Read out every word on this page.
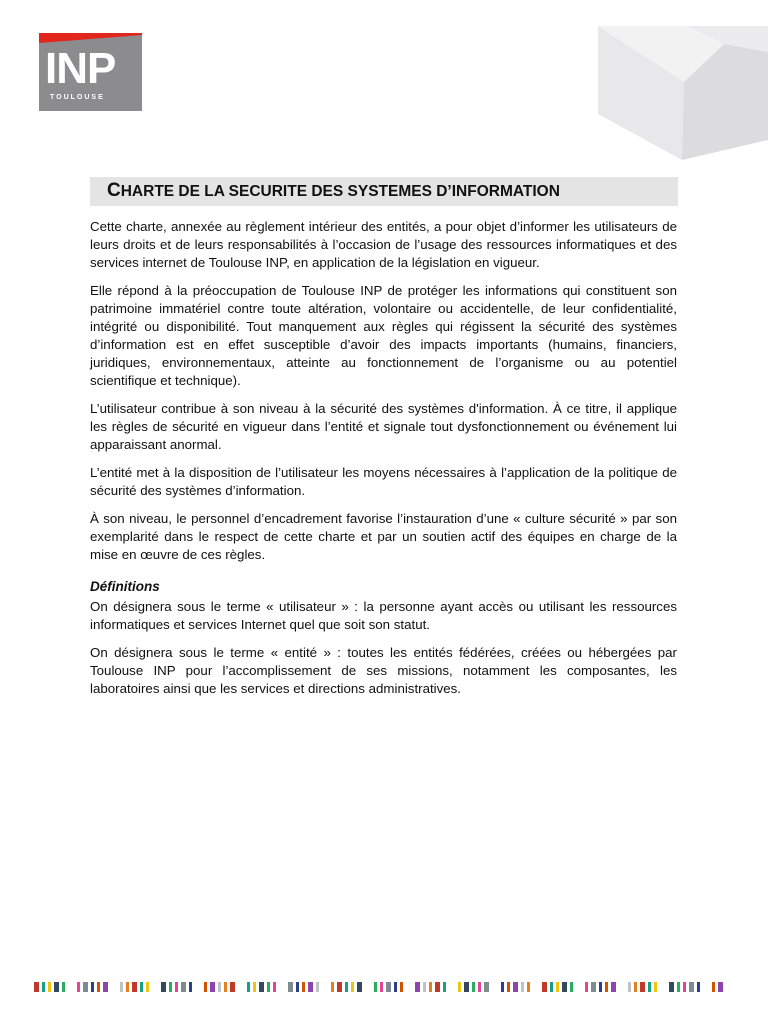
INP
TOULOUSE
CHARTE DE LA SECURITE DES SYSTEMES D’INFORMATION

Cette charte, annexée au règlement intérieur des entités, a pour objet d’informer les utilisateurs de leurs droits et de leurs responsabilités à l’occasion de l’usage des ressources informatiques et des services internet de Toulouse INP, en application de la législation en vigueur.

Elle répond à la préoccupation de Toulouse INP de protéger les informations qui constituent son patrimoine immatériel contre toute altération, volontaire ou accidentelle, de leur confidentialité, intégrité ou disponibilité. Tout manquement aux règles qui régissent la sécurité des systèmes d’information est en effet susceptible d’avoir des impacts importants (humains, financiers, juridiques, environnementaux, atteinte au fonctionnement de l’organisme ou au potentiel scientifique et technique).

L’utilisateur contribue à son niveau à la sécurité des systèmes d'information. À ce titre, il applique les règles de sécurité en vigueur dans l’entité et signale tout dysfonctionnement ou événement lui apparaissant anormal.

L’entité met à la disposition de l’utilisateur les moyens nécessaires à l’application de la politique de sécurité des systèmes d’information.

À son niveau, le personnel d’encadrement favorise l’instauration d’une « culture sécurité » par son exemplarité dans le respect de cette charte et par un soutien actif des équipes en charge de la mise en œuvre de ces règles.

Définitions

On désignera sous le terme « utilisateur » : la personne ayant accès ou utilisant les ressources informatiques et services Internet quel que soit son statut.

On désignera sous le terme « entité » : toutes les entités fédérées, créées ou hébergées par Toulouse INP pour l’accomplissement de ses missions, notamment les composantes, les laboratoires ainsi que les services et directions administratives.
